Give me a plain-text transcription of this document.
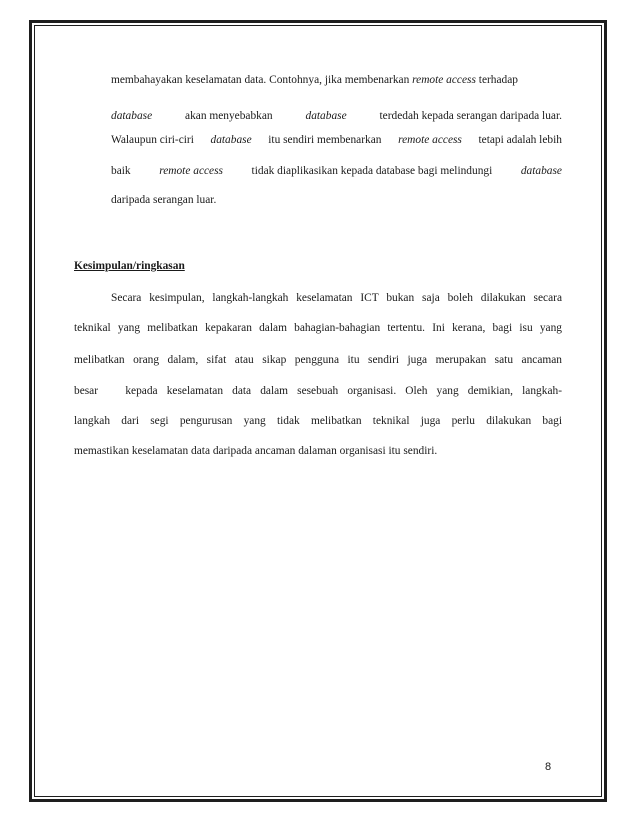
membahayakan keselamatan data. Contohnya, jika membenarkan remote access terhadap
database	akan menyebabkan	database	terdedah kepada serangan daripada luar.
Walaupun ciri-ciri database itu sendiri membenarkan remote access tetapi adalah lebih
baik	remote access	tidak diaplikasikan kepada database bagi melindungi	database
daripada serangan luar.
Kesimpulan/ringkasan
Secara kesimpulan, langkah-langkah keselamatan ICT bukan saja boleh dilakukan secara
teknikal yang melibatkan kepakaran dalam bahagian-bahagian tertentu. Ini kerana, bagi isu yang
melibatkan orang dalam, sifat atau sikap pengguna itu sendiri juga merupakan satu ancaman
besar   kepada keselamatan data dalam sesebuah organisasi. Oleh yang demikian, langkah-
langkah dari segi pengurusan yang tidak melibatkan teknikal juga perlu dilakukan bagi
memastikan keselamatan data daripada ancaman dalaman organisasi itu sendiri.
8
